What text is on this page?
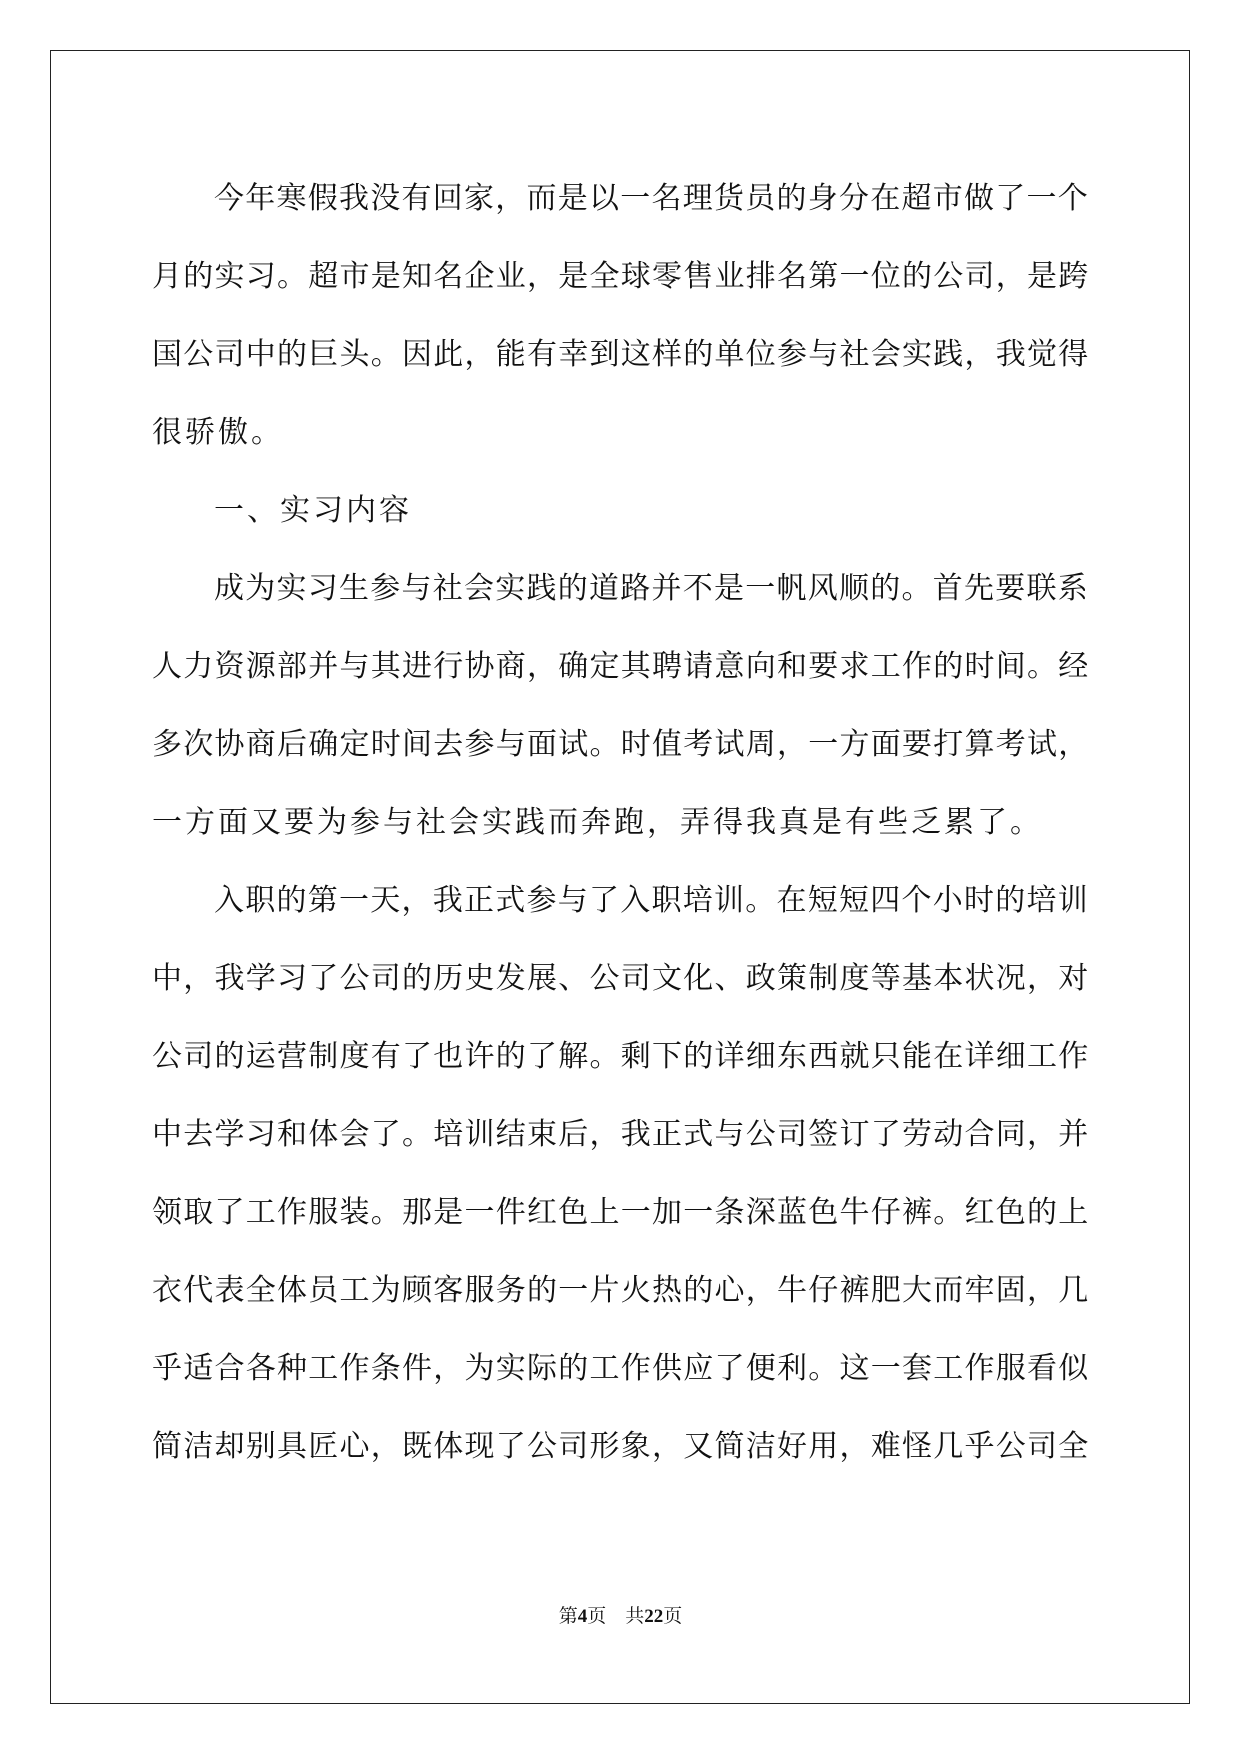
今年寒假我没有回家，而是以一名理货员的身分在超市做了一个
月的实习。超市是知名企业，是全球零售业排名第一位的公司，是跨
国公司中的巨头。因此，能有幸到这样的单位参与社会实践，我觉得
很骄傲。
一、实习内容
成为实习生参与社会实践的道路并不是一帆风顺的。首先要联系
人力资源部并与其进行协商，确定其聘请意向和要求工作的时间。经
多次协商后确定时间去参与面试。时值考试周，一方面要打算考试，
一方面又要为参与社会实践而奔跑，弄得我真是有些乏累了。
入职的第一天，我正式参与了入职培训。在短短四个小时的培训
中，我学习了公司的历史发展、公司文化、政策制度等基本状况，对
公司的运营制度有了也许的了解。剩下的详细东西就只能在详细工作
中去学习和体会了。培训结束后，我正式与公司签订了劳动合同，并
领取了工作服装。那是一件红色上一加一条深蓝色牛仔裤。红色的上
衣代表全体员工为顾客服务的一片火热的心，牛仔裤肥大而牢固，几
乎适合各种工作条件，为实际的工作供应了便利。这一套工作服看似
简洁却别具匠心，既体现了公司形象，又简洁好用，难怪几乎公司全
第4页 共22页
